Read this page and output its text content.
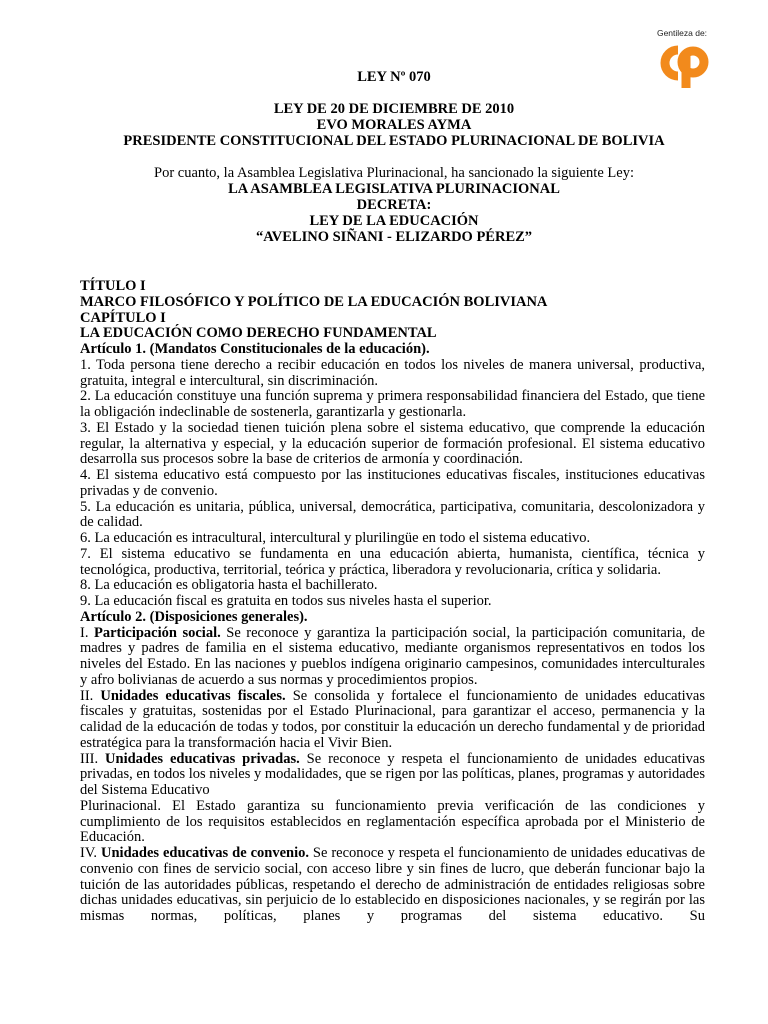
Gentileza de:
LEY Nº 070
LEY DE 20 DE DICIEMBRE DE 2010
EVO MORALES AYMA
PRESIDENTE CONSTITUCIONAL DEL ESTADO PLURINACIONAL DE BOLIVIA
Por cuanto, la Asamblea Legislativa Plurinacional, ha sancionado la siguiente Ley:
LA ASAMBLEA LEGISLATIVA PLURINACIONAL
DECRETA:
LEY DE LA EDUCACIÓN
“AVELINO SIÑANI - ELIZARDO PÉREZ”
TÍTULO I
MARCO FILOSÓFICO Y POLÍTICO DE LA EDUCACIÓN BOLIVIANA
CAPÍTULO I
LA EDUCACIÓN COMO DERECHO FUNDAMENTAL
Artículo 1. (Mandatos Constitucionales de la educación).
1. Toda persona tiene derecho a recibir educación en todos los niveles de manera universal, productiva, gratuita, integral e intercultural, sin discriminación.
2. La educación constituye una función suprema y primera responsabilidad financiera del Estado, que tiene la obligación indeclinable de sostenerla, garantizarla y gestionarla.
3. El Estado y la sociedad tienen tuición plena sobre el sistema educativo, que comprende la educación regular, la alternativa y especial, y la educación superior de formación profesional. El sistema educativo desarrolla sus procesos sobre la base de criterios de armonía y coordinación.
4. El sistema educativo está compuesto por las instituciones educativas fiscales, instituciones educativas privadas y de convenio.
5. La educación es unitaria, pública, universal, democrática, participativa, comunitaria, descolonizadora y de calidad.
6. La educación es intracultural, intercultural y plurilingüe en todo el sistema educativo.
7. El sistema educativo se fundamenta en una educación abierta, humanista, científica, técnica y tecnológica, productiva, territorial, teórica y práctica, liberadora y revolucionaria, crítica y solidaria.
8. La educación es obligatoria hasta el bachillerato.
9. La educación fiscal es gratuita en todos sus niveles hasta el superior.
Artículo 2. (Disposiciones generales).
I. Participación social. Se reconoce y garantiza la participación social, la participación comunitaria, de madres y padres de familia en el sistema educativo, mediante organismos representativos en todos los niveles del Estado. En las naciones y pueblos indígena originario campesinos, comunidades interculturales y afro bolivianas de acuerdo a sus normas y procedimientos propios.
II. Unidades educativas fiscales. Se consolida y fortalece el funcionamiento de unidades educativas fiscales y gratuitas, sostenidas por el Estado Plurinacional, para garantizar el acceso, permanencia y la calidad de la educación de todas y todos, por constituir la educación un derecho fundamental y de prioridad estratégica para la transformación hacia el Vivir Bien.
III. Unidades educativas privadas. Se reconoce y respeta el funcionamiento de unidades educativas privadas, en todos los niveles y modalidades, que se rigen por las políticas, planes, programas y autoridades del Sistema Educativo
Plurinacional. El Estado garantiza su funcionamiento previa verificación de las condiciones y cumplimiento de los requisitos establecidos en reglamentación específica aprobada por el Ministerio de Educación.
IV. Unidades educativas de convenio. Se reconoce y respeta el funcionamiento de unidades educativas de convenio con fines de servicio social, con acceso libre y sin fines de lucro, que deberán funcionar bajo la tuición de las autoridades públicas, respetando el derecho de administración de entidades religiosas sobre dichas unidades educativas, sin perjuicio de lo establecido en disposiciones nacionales, y se regirán por las mismas normas, políticas, planes y programas del sistema educativo. Su
